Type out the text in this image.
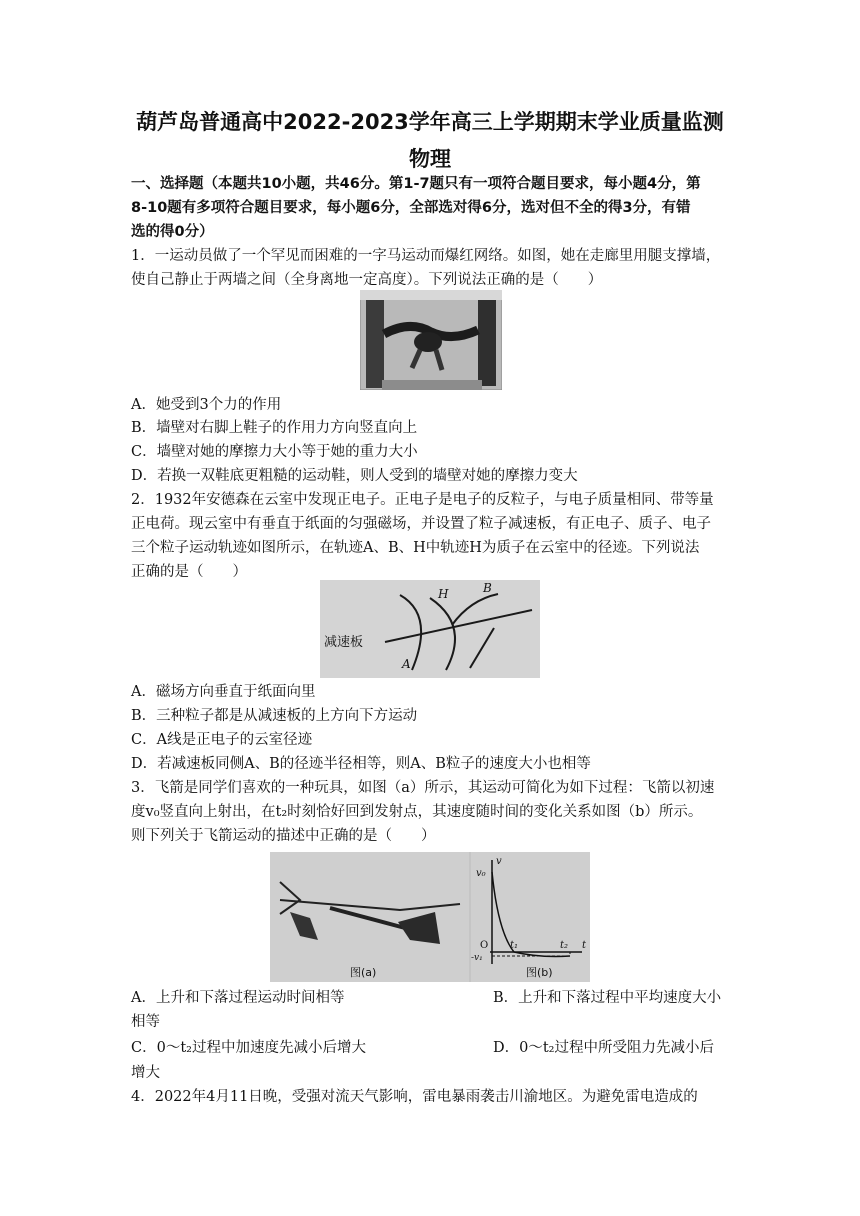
葫芦岛普通高中2022-2023学年高三上学期期末学业质量监测
物理
一、选择题（本题共10小题，共46分。第1-7题只有一项符合题目要求，每小题4分，第
8-10题有多项符合题目要求，每小题6分，全部选对得6分，选对但不全的得3分，有错
选的得0分）
1．一运动员做了一个罕见而困难的一字马运动而爆红网络。如图，她在走廊里用腿支撑墙，
使自己静止于两墙之间（全身离地一定高度）。下列说法正确的是（　　）
A．她受到3个力的作用
B．墙壁对右脚上鞋子的作用力方向竖直向上
C．墙壁对她的摩擦力大小等于她的重力大小
D．若换一双鞋底更粗糙的运动鞋，则人受到的墙壁对她的摩擦力变大
2．1932年安德森在云室中发现正电子。正电子是电子的反粒子，与电子质量相同、带等量
正电荷。现云室中有垂直于纸面的匀强磁场，并设置了粒子减速板，有正电子、质子、电子
三个粒子运动轨迹如图所示，在轨迹A、B、H中轨迹H为质子在云室中的径迹。下列说法
正确的是（　　）
减速板
A
H	B
A．磁场方向垂直于纸面向里
B．三种粒子都是从减速板的上方向下方运动
C．A线是正电子的云室径迹
D．若减速板同侧A、B的径迹半径相等，则A、B粒子的速度大小也相等
3．飞箭是同学们喜欢的一种玩具，如图（a）所示，其运动可简化为如下过程：飞箭以初速
度v₀竖直向上射出，在t₂时刻恰好回到发射点，其速度随时间的变化关系如图（b）所示。
则下列关于飞箭运动的描述中正确的是（　　）
图(a)
v
v₀
O t₁	t₂ t
-v₁
图(b)
A．上升和下落过程运动时间相等	B．上升和下落过程中平均速度大小
相等
C．0～t₂过程中加速度先减小后增大	D．0～t₂过程中所受阻力先减小后
增大
4．2022年4月11日晚，受强对流天气影响，雷电暴雨袭击川渝地区。为避免雷电造成的
